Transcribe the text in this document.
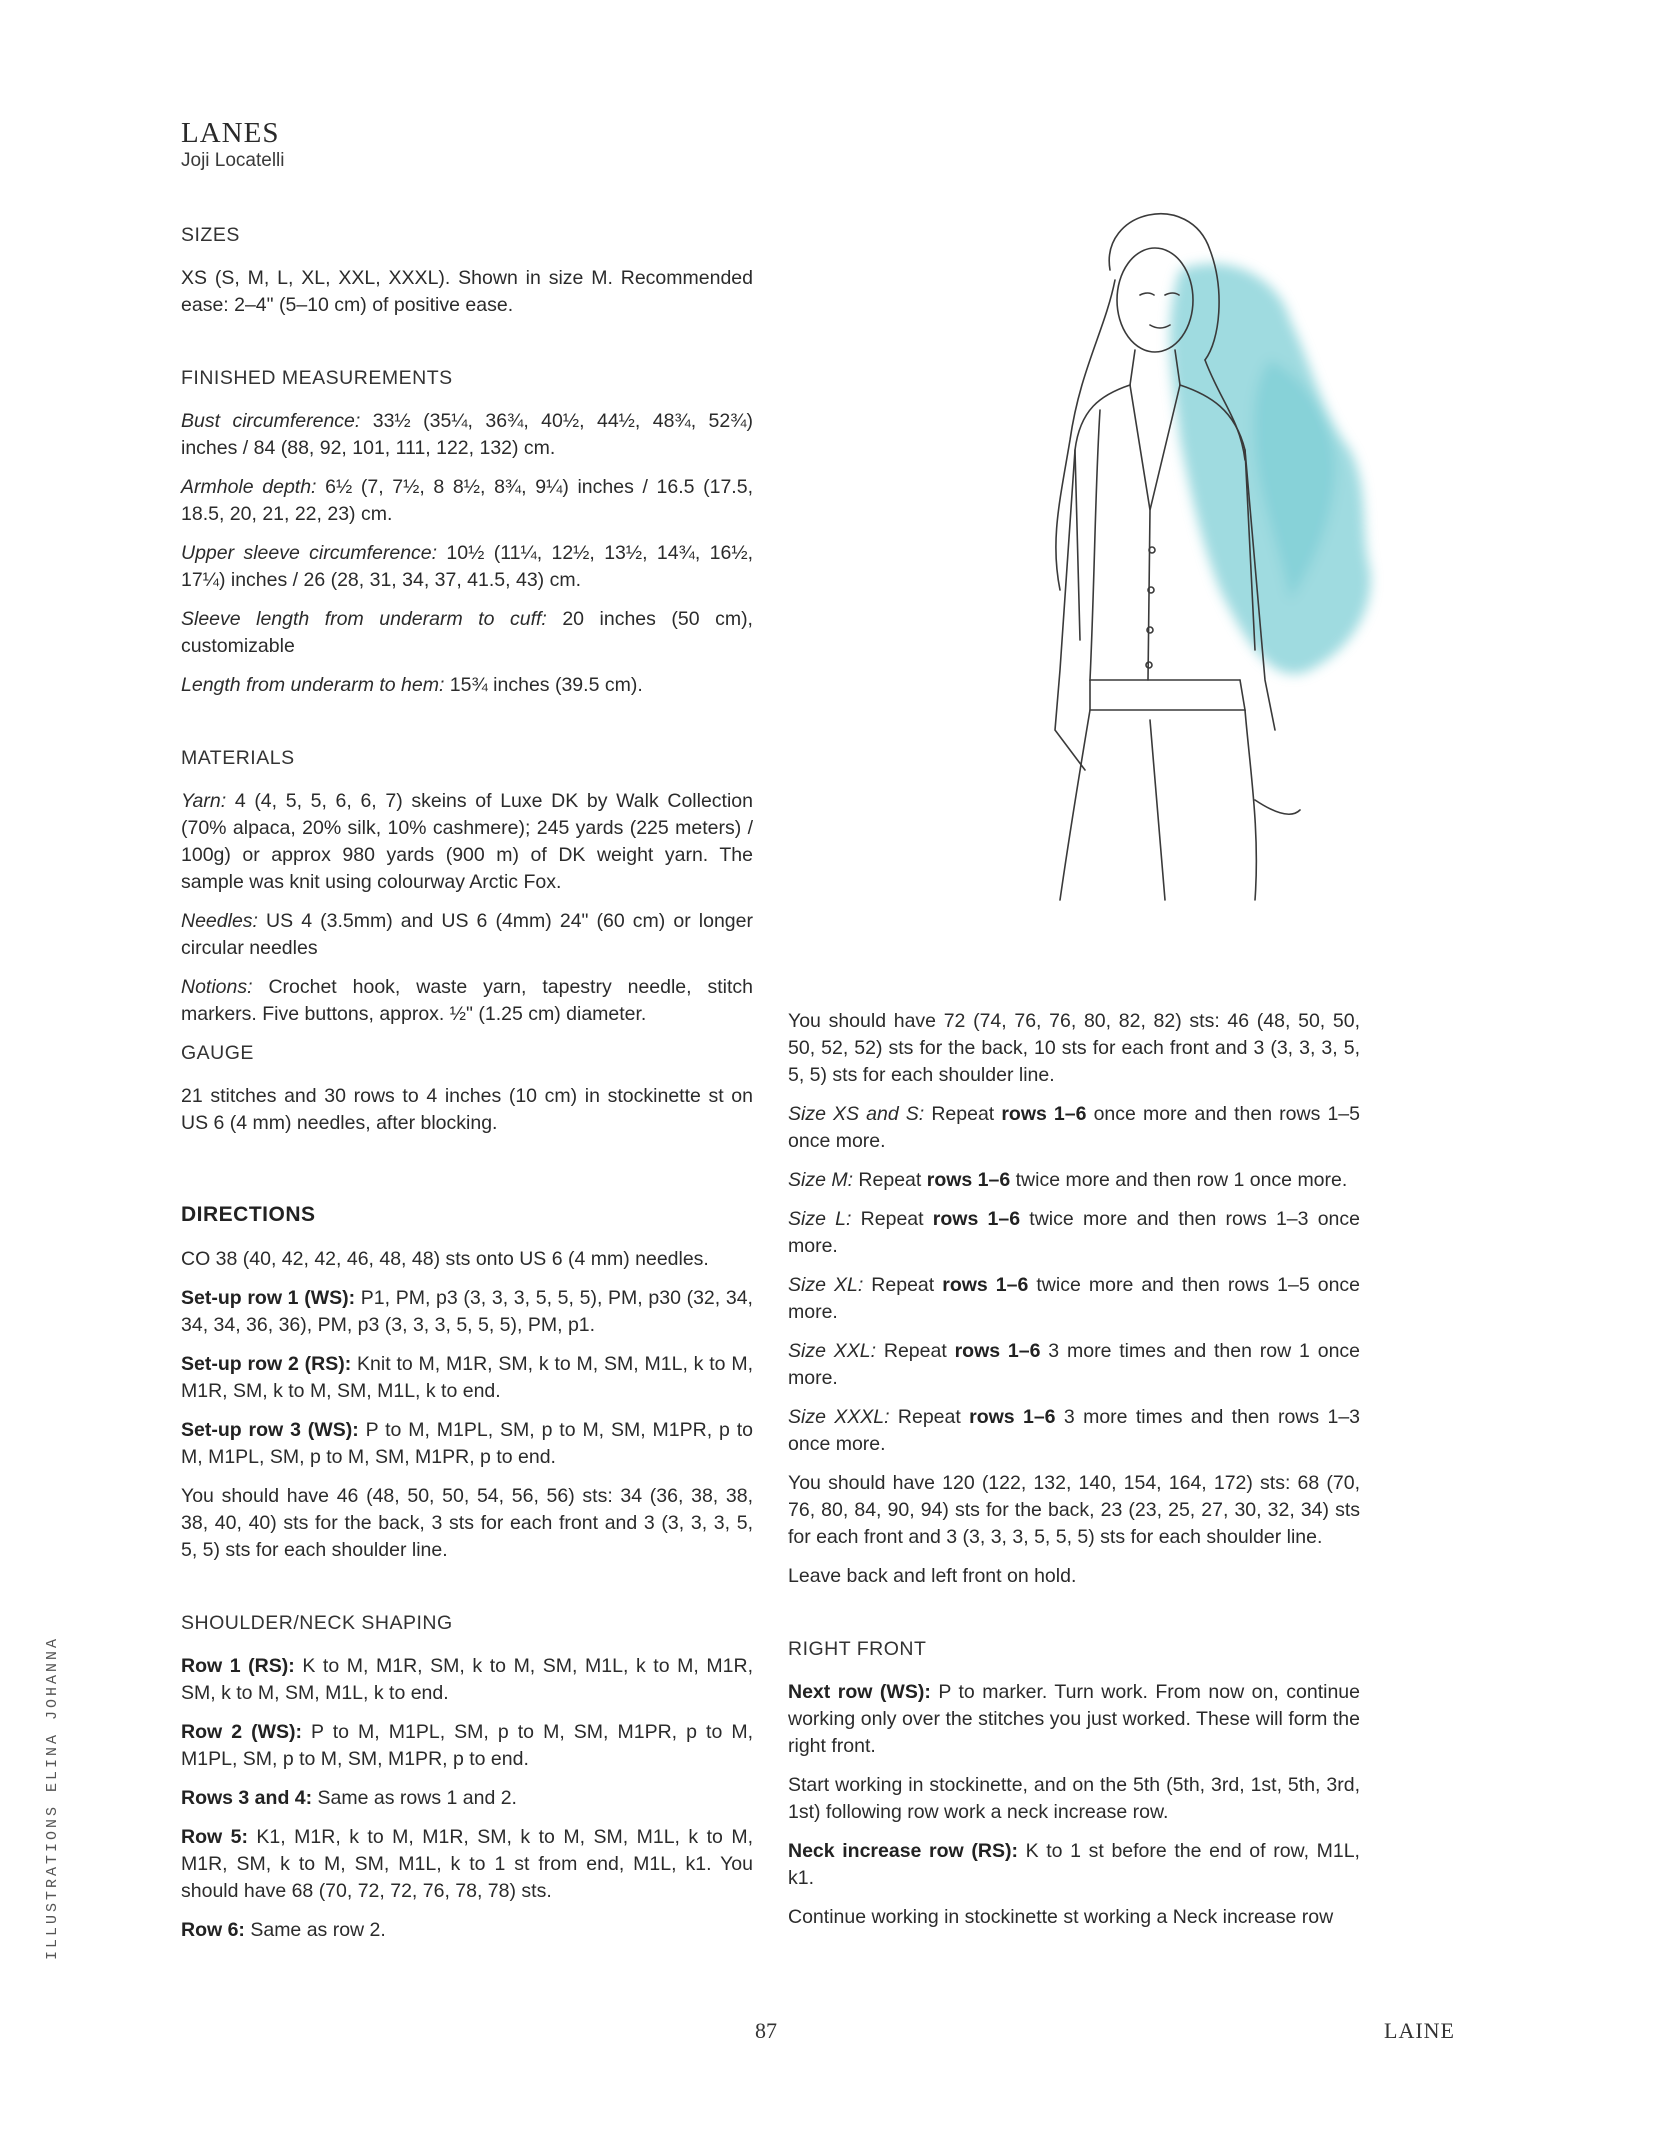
LANES
Joji Locatelli
SIZES

XS (S, M, L, XL, XXL, XXXL). Shown in size M. Recommended ease: 2–4" (5–10 cm) of positive ease.

FINISHED MEASUREMENTS

Bust circumference: 33½ (35¼, 36¾, 40½, 44½, 48¾, 52¾) inches / 84 (88, 92, 101, 111, 122, 132) cm.

Armhole depth: 6½ (7, 7½, 8 8½, 8¾, 9¼) inches / 16.5 (17.5, 18.5, 20, 21, 22, 23) cm.

Upper sleeve circumference: 10½ (11¼, 12½, 13½, 14¾, 16½, 17¼) inches / 26 (28, 31, 34, 37, 41.5, 43) cm.

Sleeve length from underarm to cuff: 20 inches (50 cm), customizable

Length from underarm to hem: 15¾ inches (39.5 cm).

MATERIALS

Yarn: 4 (4, 5, 5, 6, 6, 7) skeins of Luxe DK by Walk Collection (70% alpaca, 20% silk, 10% cashmere); 245 yards (225 meters) / 100g) or approx 980 yards (900 m) of DK weight yarn. The sample was knit using colourway Arctic Fox.

Needles: US 4 (3.5mm) and US 6 (4mm) 24" (60 cm) or longer circular needles

Notions: Crochet hook, waste yarn, tapestry needle, stitch markers. Five buttons, approx. ½" (1.25 cm) diameter.

GAUGE

21 stitches and 30 rows to 4 inches (10 cm) in stockinette st on US 6 (4 mm) needles, after blocking.

DIRECTIONS

CO 38 (40, 42, 42, 46, 48, 48) sts onto US 6 (4 mm) needles.

Set-up row 1 (WS): P1, PM, p3 (3, 3, 3, 5, 5, 5), PM, p30 (32, 34, 34, 34, 36, 36), PM, p3 (3, 3, 3, 5, 5, 5), PM, p1.

Set-up row 2 (RS): Knit to M, M1R, SM, k to M, SM, M1L, k to M, M1R, SM, k to M, SM, M1L, k to end.

Set-up row 3 (WS): P to M, M1PL, SM, p to M, SM, M1PR, p to M, M1PL, SM, p to M, SM, M1PR, p to end.

You should have 46 (48, 50, 50, 54, 56, 56) sts: 34 (36, 38, 38, 38, 40, 40) sts for the back, 3 sts for each front and 3 (3, 3, 3, 5, 5, 5) sts for each shoulder line.

SHOULDER/NECK SHAPING

Row 1 (RS): K to M, M1R, SM, k to M, SM, M1L, k to M, M1R, SM, k to M, SM, M1L, k to end.

Row 2 (WS): P to M, M1PL, SM, p to M, SM, M1PR, p to M, M1PL, SM, p to M, SM, M1PR, p to end.

Rows 3 and 4: Same as rows 1 and 2.

Row 5: K1, M1R, k to M, M1R, SM, k to M, SM, M1L, k to M, M1R, SM, k to M, SM, M1L, k to 1 st from end, M1L, k1. You should have 68 (70, 72, 72, 76, 78, 78) sts.

Row 6: Same as row 2.

You should have 72 (74, 76, 76, 80, 82, 82) sts: 46 (48, 50, 50, 50, 52, 52) sts for the back, 10 sts for each front and 3 (3, 3, 3, 5, 5, 5) sts for each shoulder line.

Size XS and S: Repeat rows 1–6 once more and then rows 1–5 once more.

Size M: Repeat rows 1–6 twice more and then row 1 once more.

Size L: Repeat rows 1–6 twice more and then rows 1–3 once more.

Size XL: Repeat rows 1–6 twice more and then rows 1–5 once more.

Size XXL: Repeat rows 1–6 3 more times and then row 1 once more.

Size XXXL: Repeat rows 1–6 3 more times and then rows 1–3 once more.

You should have 120 (122, 132, 140, 154, 164, 172) sts: 68 (70, 76, 80, 84, 90, 94) sts for the back, 23 (23, 25, 27, 30, 32, 34) sts for each front and 3 (3, 3, 3, 5, 5, 5) sts for each shoulder line.

Leave back and left front on hold.

RIGHT FRONT

Next row (WS): P to marker. Turn work. From now on, continue working only over the stitches you just worked. These will form the right front.

Start working in stockinette, and on the 5th (5th, 3rd, 1st, 5th, 3rd, 1st) following row work a neck increase row.

Neck increase row (RS): K to 1 st before the end of row, M1L, k1.

Continue working in stockinette st working a Neck increase row

ILLUSTRATIONS ELINA JOHANNA
87	LAINE
